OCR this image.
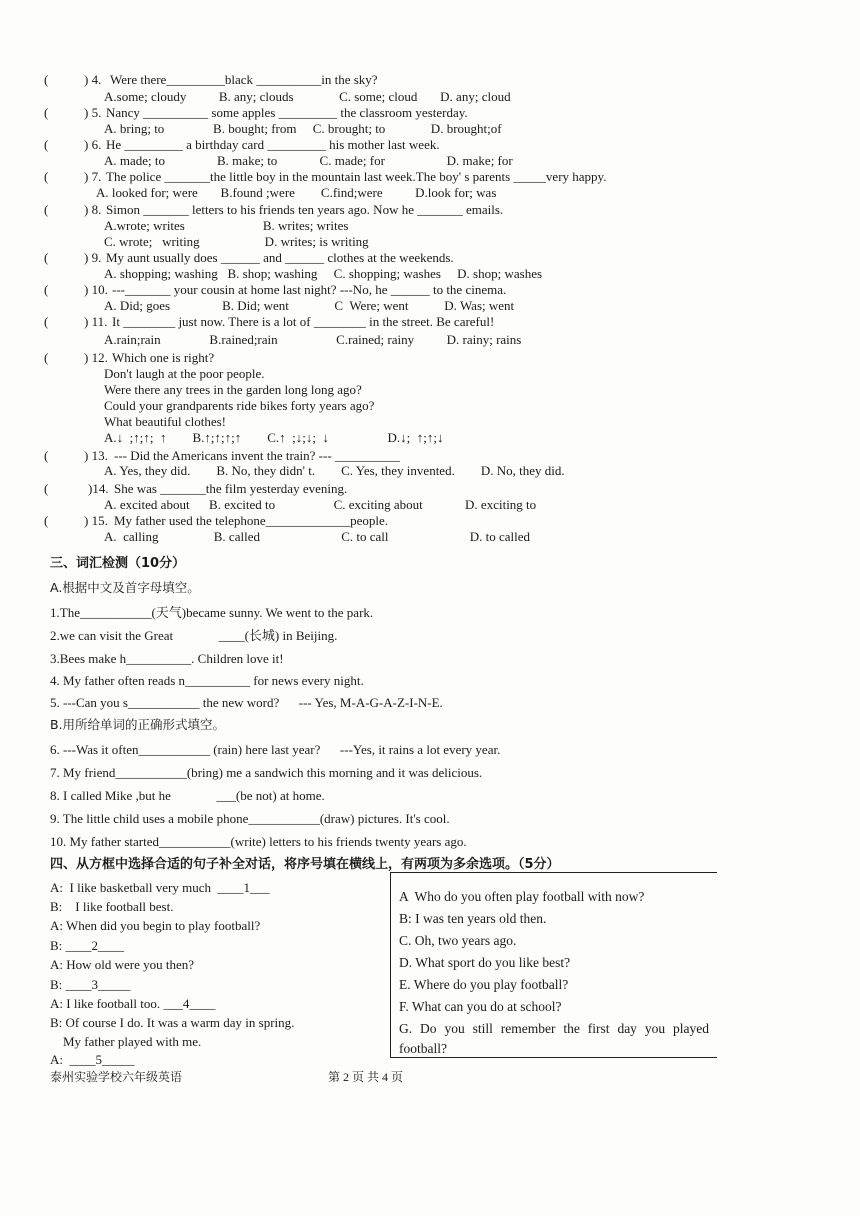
(	) 4. Were there_________black __________in the sky?
A.some; cloudy          B. any; clouds              C. some; cloud       D. any; cloud
(	) 5. Nancy __________ some apples _________ the classroom yesterday.
A. bring; to               B. bought; from     C. brought; to              D. brought;of
(	) 6. He _________ a birthday card _________ his mother last week.
A. made; to                B. make; to             C. made; for                   D. make; for
(	) 7. The police _______the little boy in the mountain last week.The boy' s parents _____very happy.
A. looked for; were       B.found ;were        C.find;were          D.look for; was
(	) 8. Simon _______ letters to his friends ten years ago. Now he _______ emails.
A.wrote; writes                        B. writes; writes
C. wrote;   writing                    D. writes; is writing
(	) 9. My aunt usually does ______ and ______ clothes at the weekends.
A. shopping; washing   B. shop; washing     C. shopping; washes     D. shop; washes
(	) 10. ---_______ your cousin at home last night? ---No, he ______ to the cinema.
A. Did; goes                B. Did; went              C  Were; went           D. Was; went
(	) 11. It ________ just now. There is a lot of ________ in the street. Be careful!
A.rain;rain               B.rained;rain                  C.rained; rainy          D. rainy; rains
(	) 12. Which one is right?
Don't laugh at the poor people.
Were there any trees in the garden long long ago?
Could your grandparents ride bikes forty years ago?
What beautiful clothes!
A.↓  ;↑;↑;  ↑        B.↑;↑;↑;↑        C.↑  ;↓;↓;  ↓                  D.↓;  ↑;↑;↓
(	) 13. --- Did the Americans invent the train? --- __________
A. Yes, they did.        B. No, they didn' t.        C. Yes, they invented.        D. No, they did.
(	)14. She was _______the film yesterday evening.
A. excited about      B. excited to                  C. exciting about             D. exciting to
(	) 15. My father used the telephone_____________people.
A.  calling                 B. called                         C. to call                         D. to called
三、词汇检测（10分）
A.根据中文及首字母填空。
1.The___________(天气)became sunny. We went to the park.
2.we can visit the Great              ____(长城) in Beijing.
3.Bees make h__________. Children love it!
4. My father often reads n__________ for news every night.
5. ---Can you s___________ the new word?      --- Yes, M-A-G-A-Z-I-N-E.
B.用所给单词的正确形式填空。
6. ---Was it often___________ (rain) here last year?      ---Yes, it rains a lot every year.
7. My friend___________(bring) me a sandwich this morning and it was delicious.
8. I called Mike ,but he              ___(be not) at home.
9. The little child uses a mobile phone___________(draw) pictures. It's cool.
10. My father started___________(write) letters to his friends twenty years ago.
四、从方框中选择合适的句子补全对话，将序号填在横线上，有两项为多余选项。（5分）
A:  I like basketball very much  ____1___
B:    I like football best.
A: When did you begin to play football?
B: ____2____
A: How old were you then?
B: ____3_____
A: I like football too. ___4____
B: Of course I do. It was a warm day in spring.
My father played with me.
A:  ____5_____
A  Who do you often play football with now?
B: I was ten years old then.
C. Oh, two years ago.
D. What sport do you like best?
E. Where do you play football?
F. What can you do at school?
G. Do you still remember the first day you played football?
泰州实验学校六年级英语	第 2 页 共 4 页
